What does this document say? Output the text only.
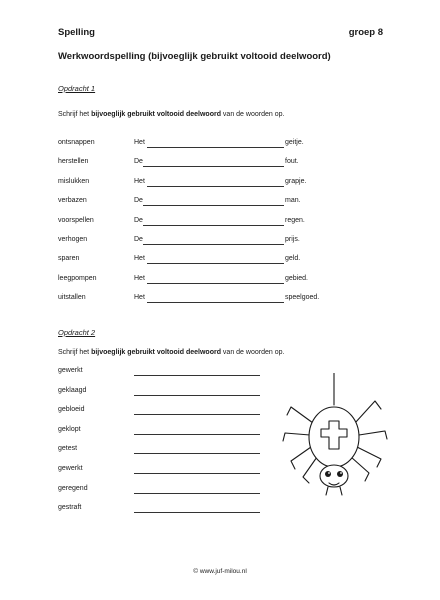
Spelling	groep 8
Werkwoordspelling (bijvoeglijk gebruikt voltooid deelwoord)
Opdracht 1
Schrijf het bijvoeglijk gebruikt voltooid deelwoord van de woorden op.
ontsnappen	Het	geitje.
herstellen	De	fout.
mislukken	Het	grapje.
verbazen	De	man.
voorspellen	De	regen.
verhogen	De	prijs.
sparen	Het	geld.
leegpompen	Het	gebied.
uitstallen	Het	speelgoed.
Opdracht 2
Schrijf het bijvoeglijk gebruikt voltooid deelwoord van de woorden op.
gewerkt
geklaagd
gebloeid
geklopt
getest
gewerkt
geregend
gestraft
© www.juf-milou.nl
